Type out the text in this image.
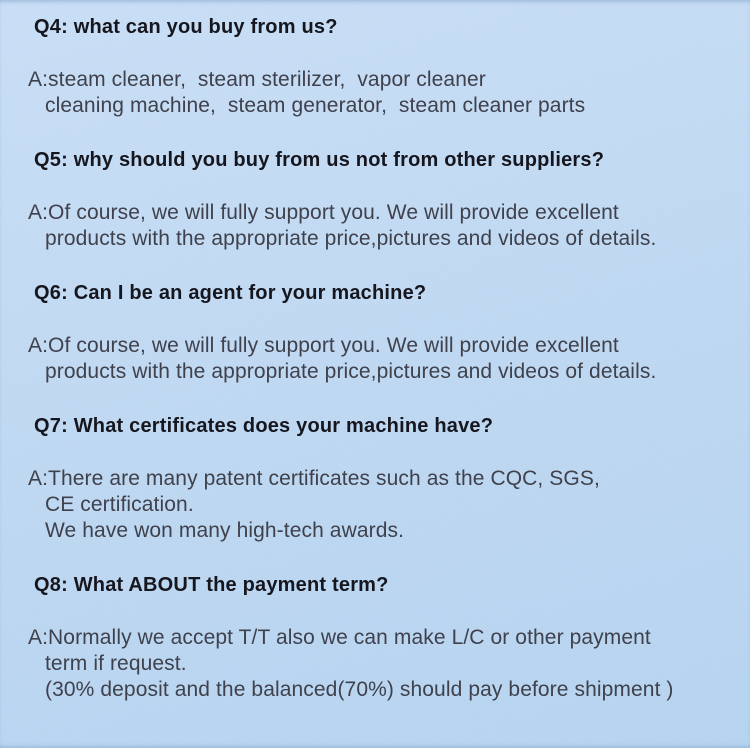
Q4: what can you buy from us?
A:steam cleaner,  steam sterilizer,  vapor cleaner
cleaning machine,  steam generator,  steam cleaner parts
Q5: why should you buy from us not from other suppliers?
A:Of course, we will fully support you. We will provide excellent
products with the appropriate price,pictures and videos of details.
Q6: Can I be an agent for your machine?
A:Of course, we will fully support you. We will provide excellent
products with the appropriate price,pictures and videos of details.
Q7: What certificates does your machine have?
A:There are many patent certificates such as the CQC, SGS,
CE certification.
We have won many high-tech awards.
Q8: What ABOUT the payment term?
A:Normally we accept T/T also we can make L/C or other payment
term if request.
(30% deposit and the balanced(70%) should pay before shipment )
